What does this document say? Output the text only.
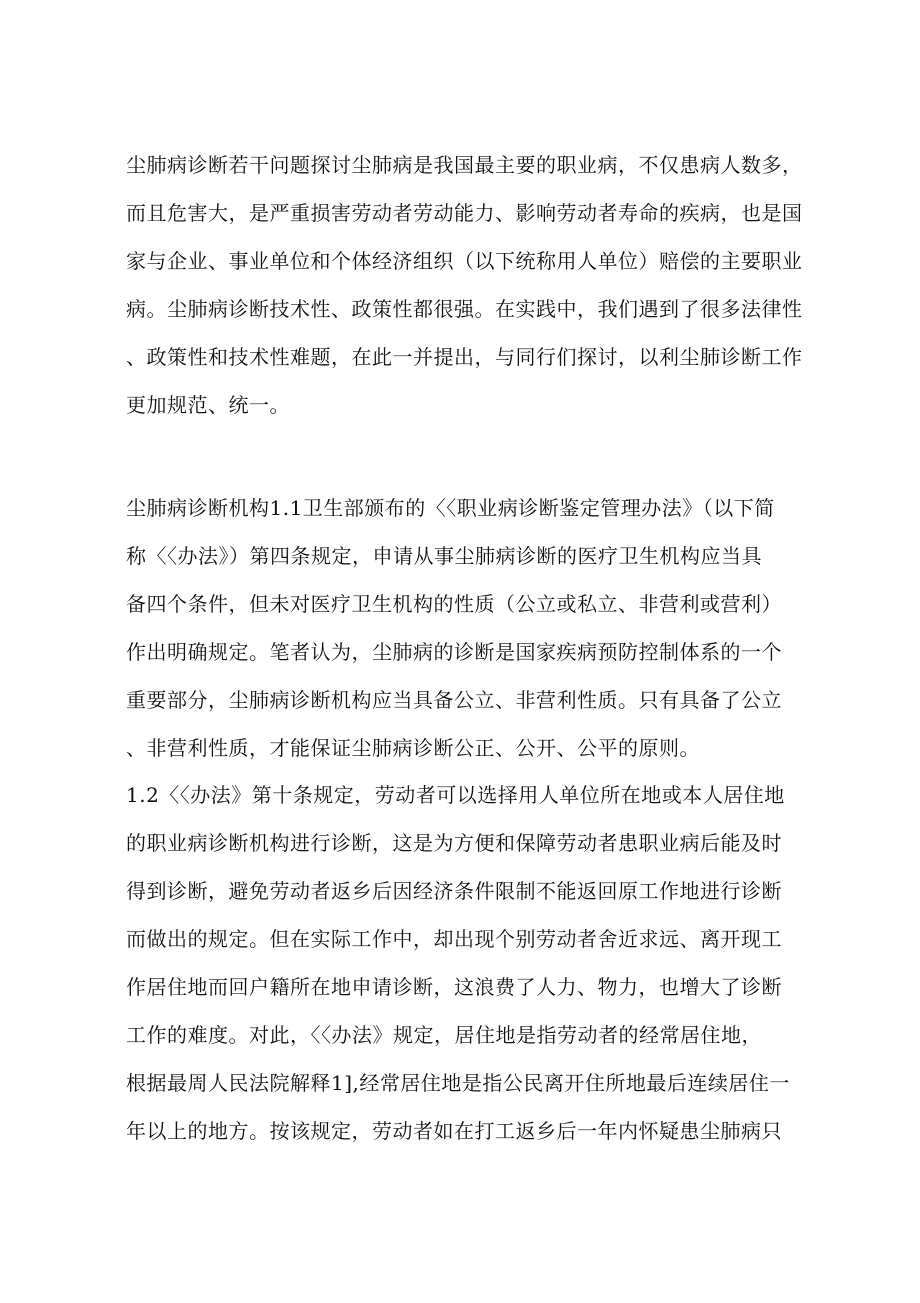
尘肺病诊断若干问题探讨尘肺病是我国最主要的职业病，不仅患病人数多，
而且危害大，是严重损害劳动者劳动能力、影响劳动者寿命的疾病，也是国
家与企业、事业单位和个体经济组织（以下统称用人单位）赔偿的主要职业
病。尘肺病诊断技术性、政策性都很强。在实践中，我们遇到了很多法律性
、政策性和技术性难题，在此一并提出，与同行们探讨，以利尘肺诊断工作
更加规范、统一。

尘肺病诊断机构1.1卫生部颁布的〈〈职业病诊断鉴定管理办法》（以下简
称〈〈办法》）第四条规定，申请从事尘肺病诊断的医疗卫生机构应当具
备四个条件，但未对医疗卫生机构的性质（公立或私立、非营利或营利）
作出明确规定。笔者认为，尘肺病的诊断是国家疾病预防控制体系的一个
重要部分，尘肺病诊断机构应当具备公立、非营利性质。只有具备了公立
、非营利性质，才能保证尘肺病诊断公正、公开、公平的原则。

1.2〈〈办法》第十条规定，劳动者可以选择用人单位所在地或本人居住地
的职业病诊断机构进行诊断，这是为方便和保障劳动者患职业病后能及时
得到诊断，避免劳动者返乡后因经济条件限制不能返回原工作地进行诊断
而做出的规定。但在实际工作中，却出现个别劳动者舍近求远、离开现工
作居住地而回户籍所在地申请诊断，这浪费了人力、物力，也增大了诊断
工作的难度。对此，〈〈办法》规定，居住地是指劳动者的经常居住地，
根据最周人民法院解释1],经常居住地是指公民离开住所地最后连续居住一
年以上的地方。按该规定，劳动者如在打工返乡后一年内怀疑患尘肺病只
